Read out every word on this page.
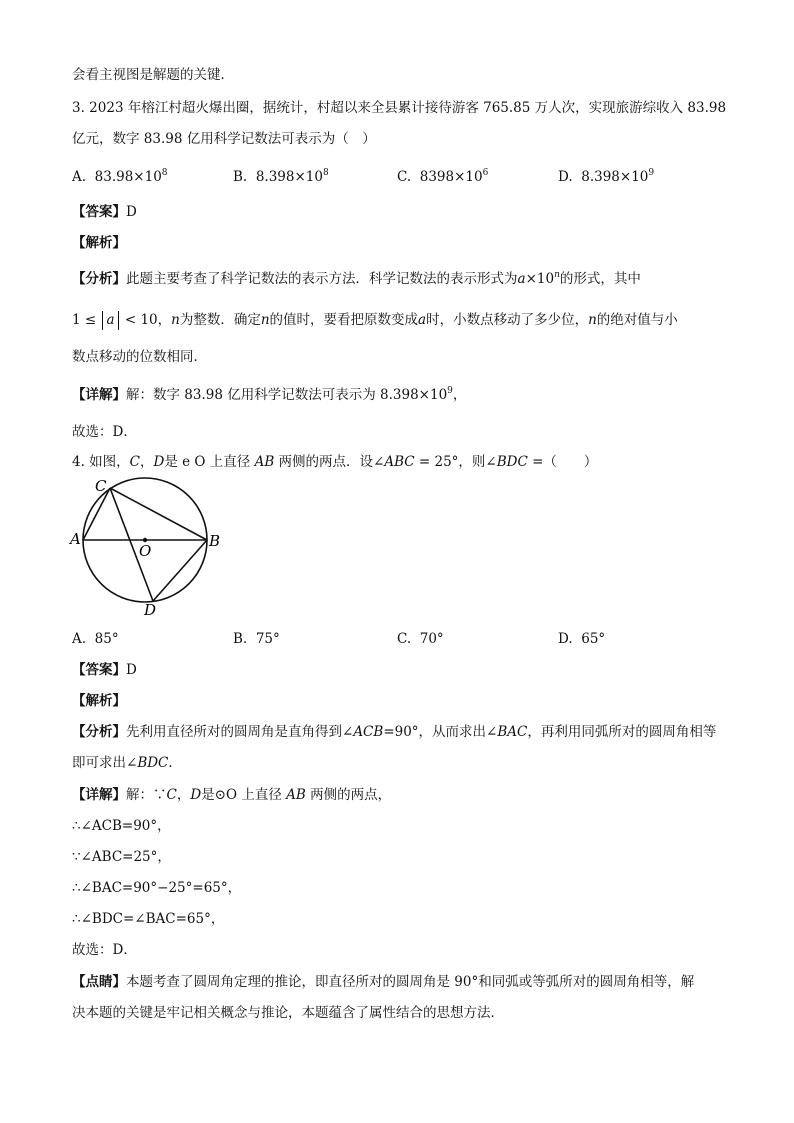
会看主视图是解题的关键．
3. 2023 年榕江村超火爆出圈，据统计，村超以来全县累计接待游客 765.85 万人次，实现旅游综收入 83.98
亿元，数字 83.98 亿用科学记数法可表示为（　）
A. $83.98\times 10^8$	B. $8.398\times 10^8$	C. $8398\times 10^6$	D. $8.398\times 10^9$
【答案】D
【解析】
【分析】此题主要考查了科学记数法的表示方法．科学记数法的表示形式为$a\times 10^n$的形式，其中
1 ≤ a < 10，n为整数．确定n的值时，要看把原数变成a时，小数点移动了多少位，n的绝对值与小
数点移动的位数相同．
【详解】解：数字 83.98 亿用科学记数法可表示为 $8.398\times 10^9$，
故选：D．
4. 如图，C，D是 e O 上直径 AB 两侧的两点．设∠ABC = 25°，则∠BDC =（　　）
C
A	B
O
D
A. 85°	B. 75°	C. 70°	D. 65°
【答案】D
【解析】
【分析】先利用直径所对的圆周角是直角得到∠ACB=90°，从而求出∠BAC，再利用同弧所对的圆周角相等
即可求出∠BDC．
【详解】解：∵C，D是⊙O 上直径 AB 两侧的两点，
∴∠ACB=90°，
∵∠ABC=25°，
∴∠BAC=90°−25°=65°，
∴∠BDC=∠BAC=65°，
故选：D．
【点睛】本题考查了圆周角定理的推论，即直径所对的圆周角是 90°和同弧或等弧所对的圆周角相等，解
决本题的关键是牢记相关概念与推论，本题蕴含了属性结合的思想方法．
